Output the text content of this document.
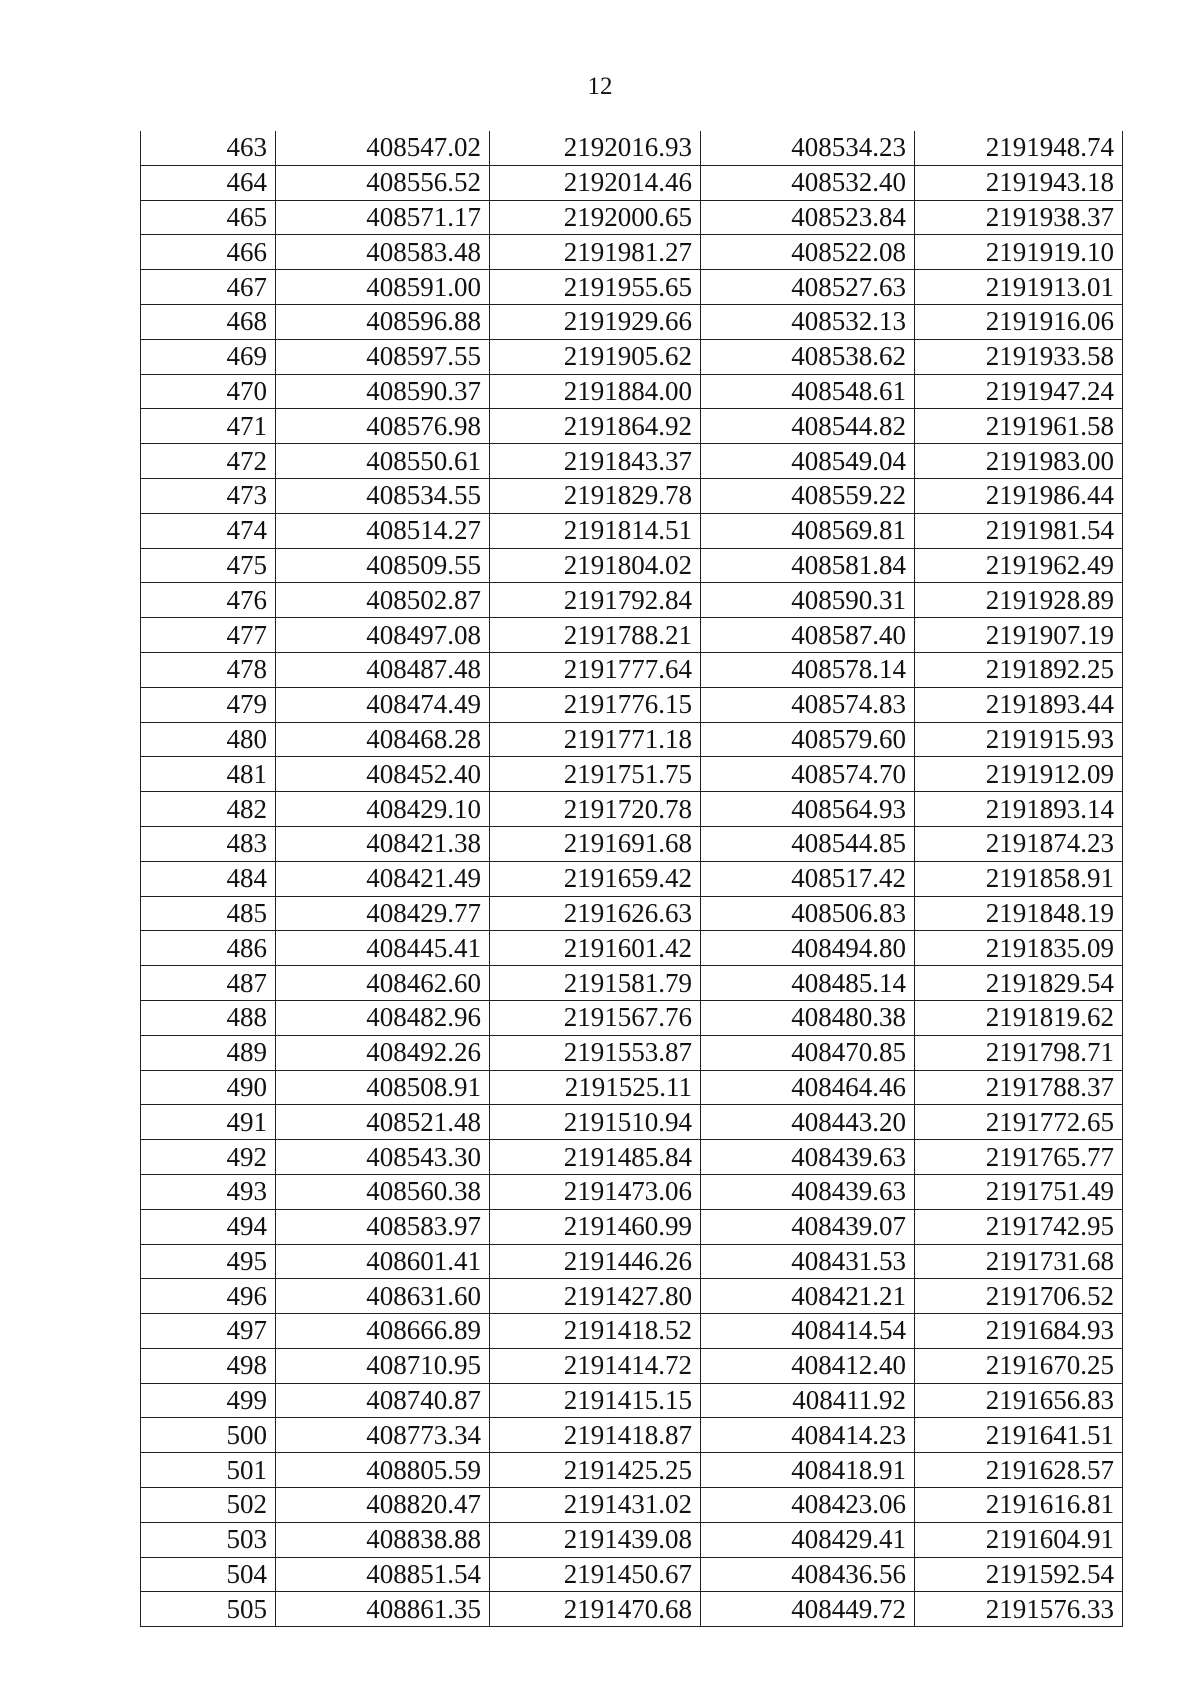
12
463	408547.02	2192016.93	408534.23	2191948.74
464	408556.52	2192014.46	408532.40	2191943.18
465	408571.17	2192000.65	408523.84	2191938.37
466	408583.48	2191981.27	408522.08	2191919.10
467	408591.00	2191955.65	408527.63	2191913.01
468	408596.88	2191929.66	408532.13	2191916.06
469	408597.55	2191905.62	408538.62	2191933.58
470	408590.37	2191884.00	408548.61	2191947.24
471	408576.98	2191864.92	408544.82	2191961.58
472	408550.61	2191843.37	408549.04	2191983.00
473	408534.55	2191829.78	408559.22	2191986.44
474	408514.27	2191814.51	408569.81	2191981.54
475	408509.55	2191804.02	408581.84	2191962.49
476	408502.87	2191792.84	408590.31	2191928.89
477	408497.08	2191788.21	408587.40	2191907.19
478	408487.48	2191777.64	408578.14	2191892.25
479	408474.49	2191776.15	408574.83	2191893.44
480	408468.28	2191771.18	408579.60	2191915.93
481	408452.40	2191751.75	408574.70	2191912.09
482	408429.10	2191720.78	408564.93	2191893.14
483	408421.38	2191691.68	408544.85	2191874.23
484	408421.49	2191659.42	408517.42	2191858.91
485	408429.77	2191626.63	408506.83	2191848.19
486	408445.41	2191601.42	408494.80	2191835.09
487	408462.60	2191581.79	408485.14	2191829.54
488	408482.96	2191567.76	408480.38	2191819.62
489	408492.26	2191553.87	408470.85	2191798.71
490	408508.91	2191525.11	408464.46	2191788.37
491	408521.48	2191510.94	408443.20	2191772.65
492	408543.30	2191485.84	408439.63	2191765.77
493	408560.38	2191473.06	408439.63	2191751.49
494	408583.97	2191460.99	408439.07	2191742.95
495	408601.41	2191446.26	408431.53	2191731.68
496	408631.60	2191427.80	408421.21	2191706.52
497	408666.89	2191418.52	408414.54	2191684.93
498	408710.95	2191414.72	408412.40	2191670.25
499	408740.87	2191415.15	408411.92	2191656.83
500	408773.34	2191418.87	408414.23	2191641.51
501	408805.59	2191425.25	408418.91	2191628.57
502	408820.47	2191431.02	408423.06	2191616.81
503	408838.88	2191439.08	408429.41	2191604.91
504	408851.54	2191450.67	408436.56	2191592.54
505	408861.35	2191470.68	408449.72	2191576.33
